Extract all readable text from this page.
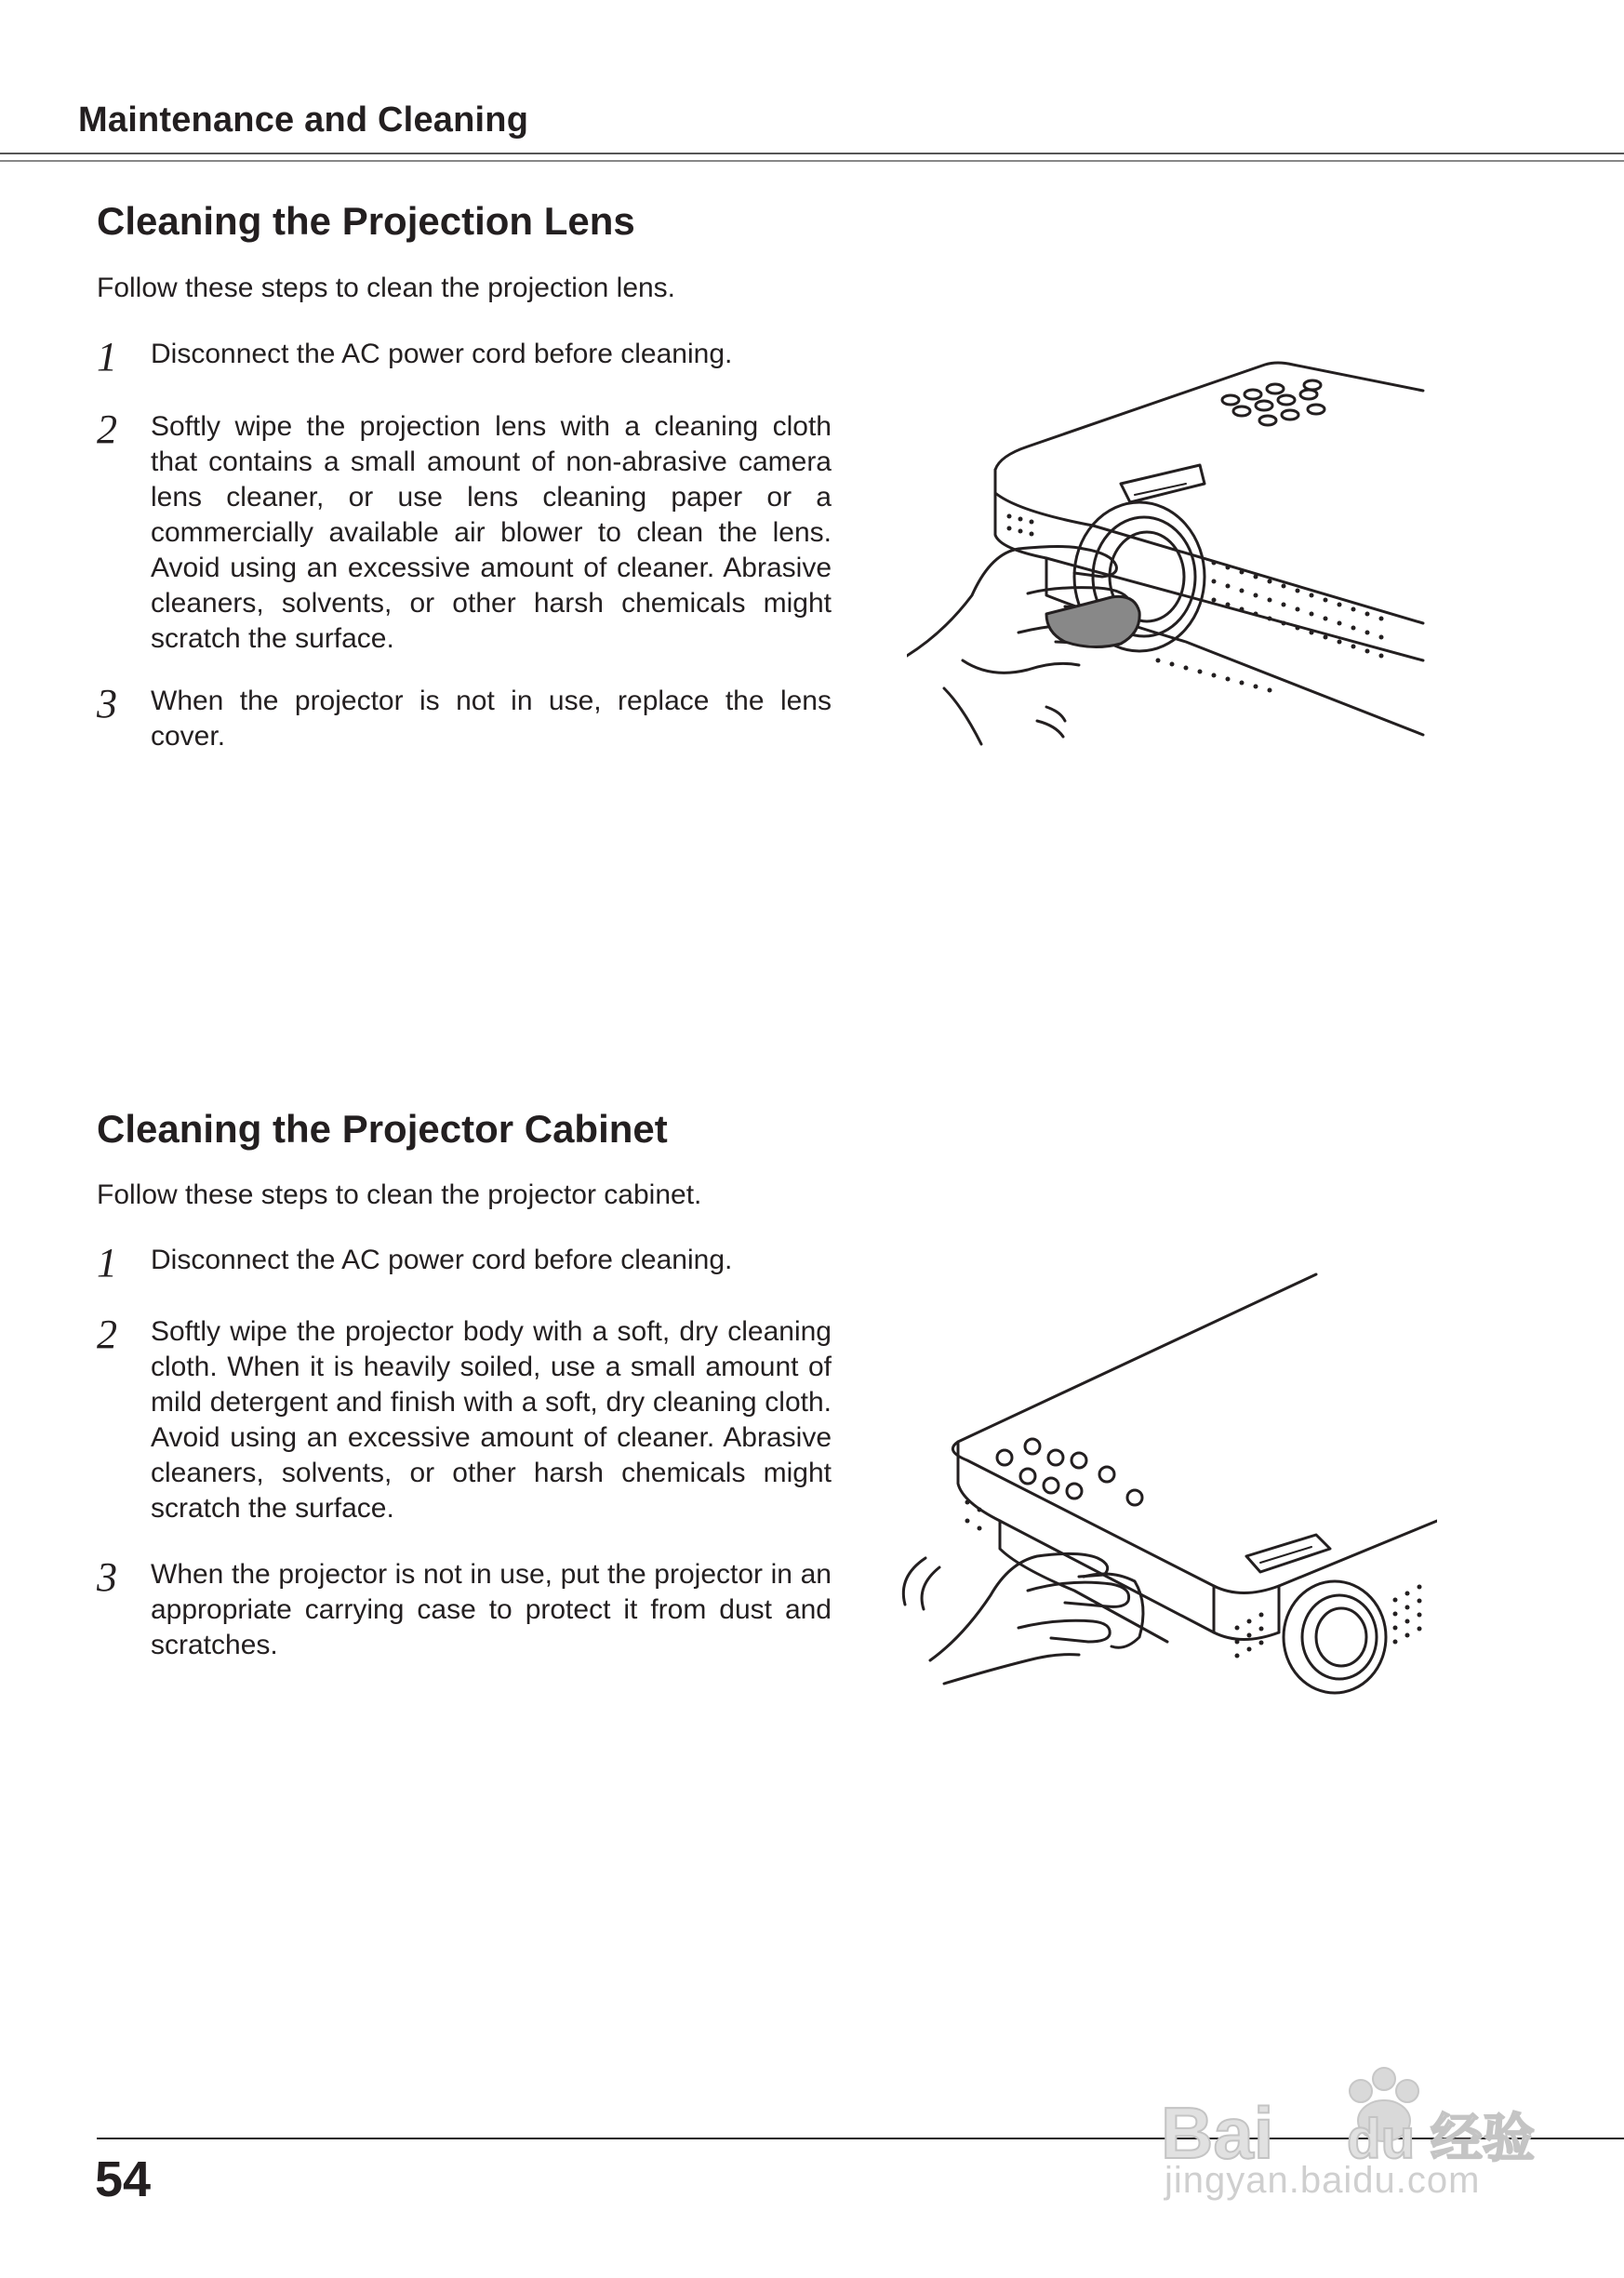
Maintenance and Cleaning
Cleaning the Projection Lens
Follow these steps to clean the projection lens.
1	Disconnect the AC power cord before cleaning.
2	Softly wipe the projection lens with a cleaning cloth that contains a small amount of non-abrasive camera lens cleaner, or use lens cleaning paper or a commercially available air blower to clean the lens. Avoid using an excessive amount of cleaner. Abrasive cleaners, solvents, or other harsh chemicals might scratch the surface.
3	When the projector is not in use, replace the lens cover.
Cleaning the Projector Cabinet
Follow these steps to clean the projector cabinet.
1	Disconnect the AC power cord before cleaning.
2	Softly wipe the projector body with a soft, dry cleaning cloth. When it is heavily soiled, use a small amount of mild detergent and finish with a soft, dry cleaning cloth. Avoid using an excessive amount of cleaner. Abrasive cleaners, solvents, or other harsh chemicals might scratch the surface.
3	When the projector is not in use, put the projector in an appropriate carrying case to protect it from dust and scratches.
54
Bai du 经验
jingyan.baidu.com
